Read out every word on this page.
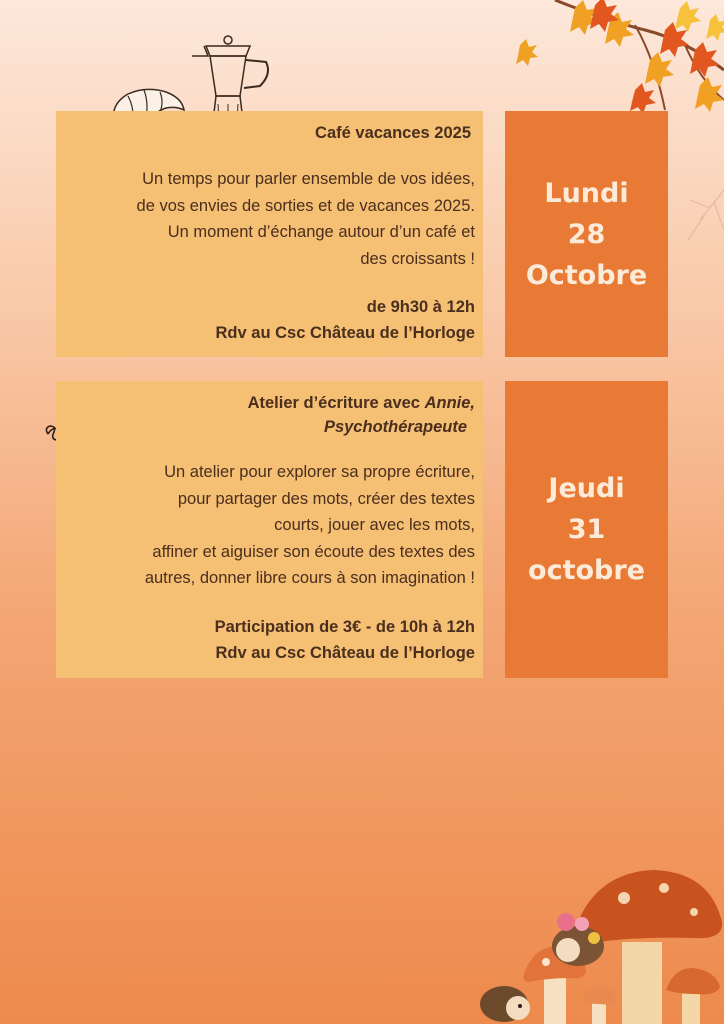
Café vacances 2025
Un temps pour parler ensemble de vos idées,
de vos envies de sorties et de vacances 2025.
Un moment d’échange autour d’un café et
des croissants !
de 9h30 à 12h
Rdv au Csc Château de l’Horloge
Lundi
28
Octobre
Atelier d’écriture avec Annie,
Psychothérapeute
Un atelier pour explorer sa propre écriture,
pour partager des mots, créer des textes
courts, jouer avec les mots,
affiner et aiguiser son écoute des textes des
autres, donner libre cours à son imagination !
Participation de 3€ - de 10h à 12h
Rdv au Csc Château de l’Horloge
Jeudi
31
octobre
